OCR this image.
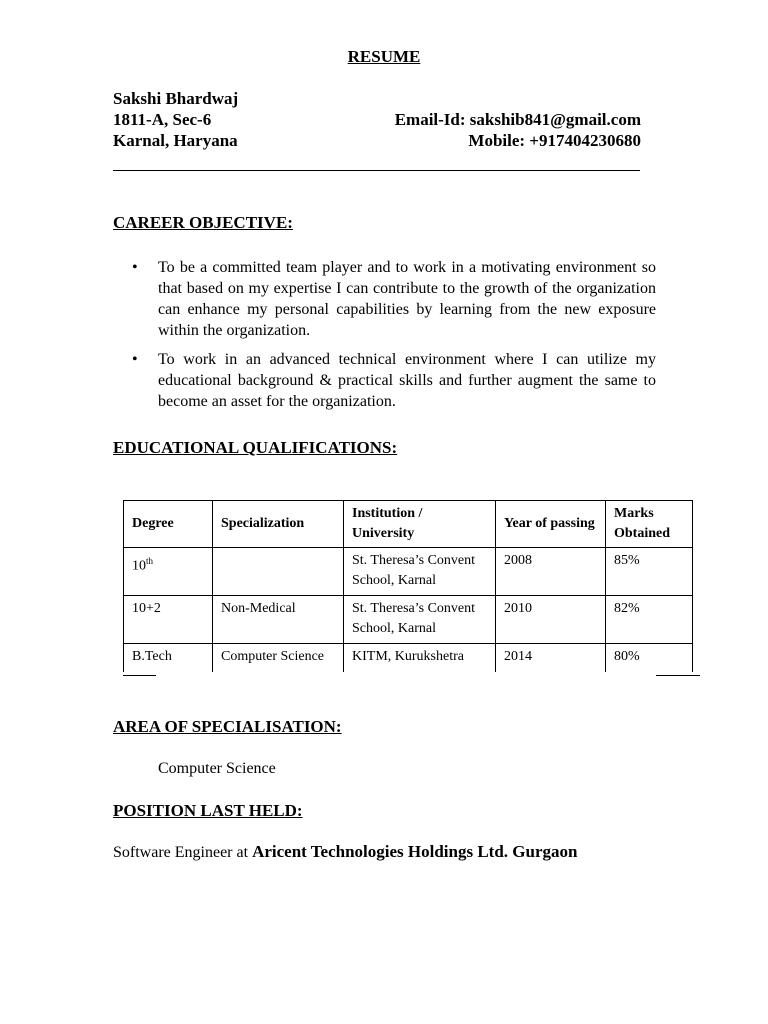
RESUME
Sakshi Bhardwaj
1811-A, Sec-6
Karnal, Haryana
Email-Id: sakshib841@gmail.com
Mobile: +917404230680
CAREER OBJECTIVE:
• To be a committed team player and to work in a motivating environment so that based on my expertise I can contribute to the growth of the organization can enhance my personal capabilities by learning from the new exposure within the organization.
• To work in an advanced technical environment where I can utilize my educational background & practical skills and further augment the same to become an asset for the organization.
EDUCATIONAL QUALIFICATIONS:
Degree	Specialization	Institution / University	Year of passing	Marks Obtained
10th		St. Theresa’s Convent School, Karnal	2008	85%
10+2	Non-Medical	St. Theresa’s Convent School, Karnal	2010	82%
B.Tech	Computer Science	KITM, Kurukshetra	2014	80%
AREA OF SPECIALISATION:
Computer Science
POSITION LAST HELD:
Software Engineer at Aricent Technologies Holdings Ltd. Gurgaon
